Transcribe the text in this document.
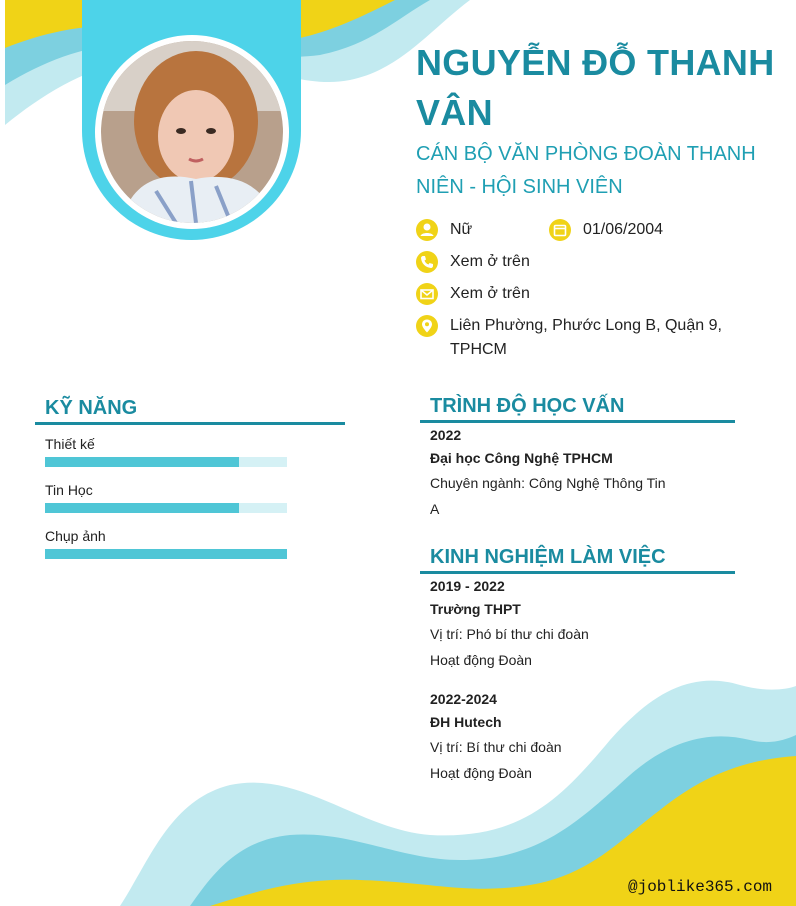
NGUYỄN ĐỖ THANH VÂN
CÁN BỘ VĂN PHÒNG ĐOÀN THANH NIÊN - HỘI SINH VIÊN
Nữ	01/06/2004
Xem ở trên
Xem ở trên
Liên Phường, Phước Long B, Quận 9, TPHCM
KỸ NĂNG
Thiết kế
Tin Học
Chụp ảnh
TRÌNH ĐỘ HỌC VẤN
2022
Đại học Công Nghệ TPHCM
Chuyên ngành: Công Nghệ Thông Tin
A
KINH NGHIỆM LÀM VIỆC
2019 - 2022
Trường THPT
Vị trí: Phó bí thư chi đoàn
Hoạt động Đoàn
2022-2024
ĐH Hutech
Vị trí: Bí thư chi đoàn
Hoạt động Đoàn
@joblike365.com
